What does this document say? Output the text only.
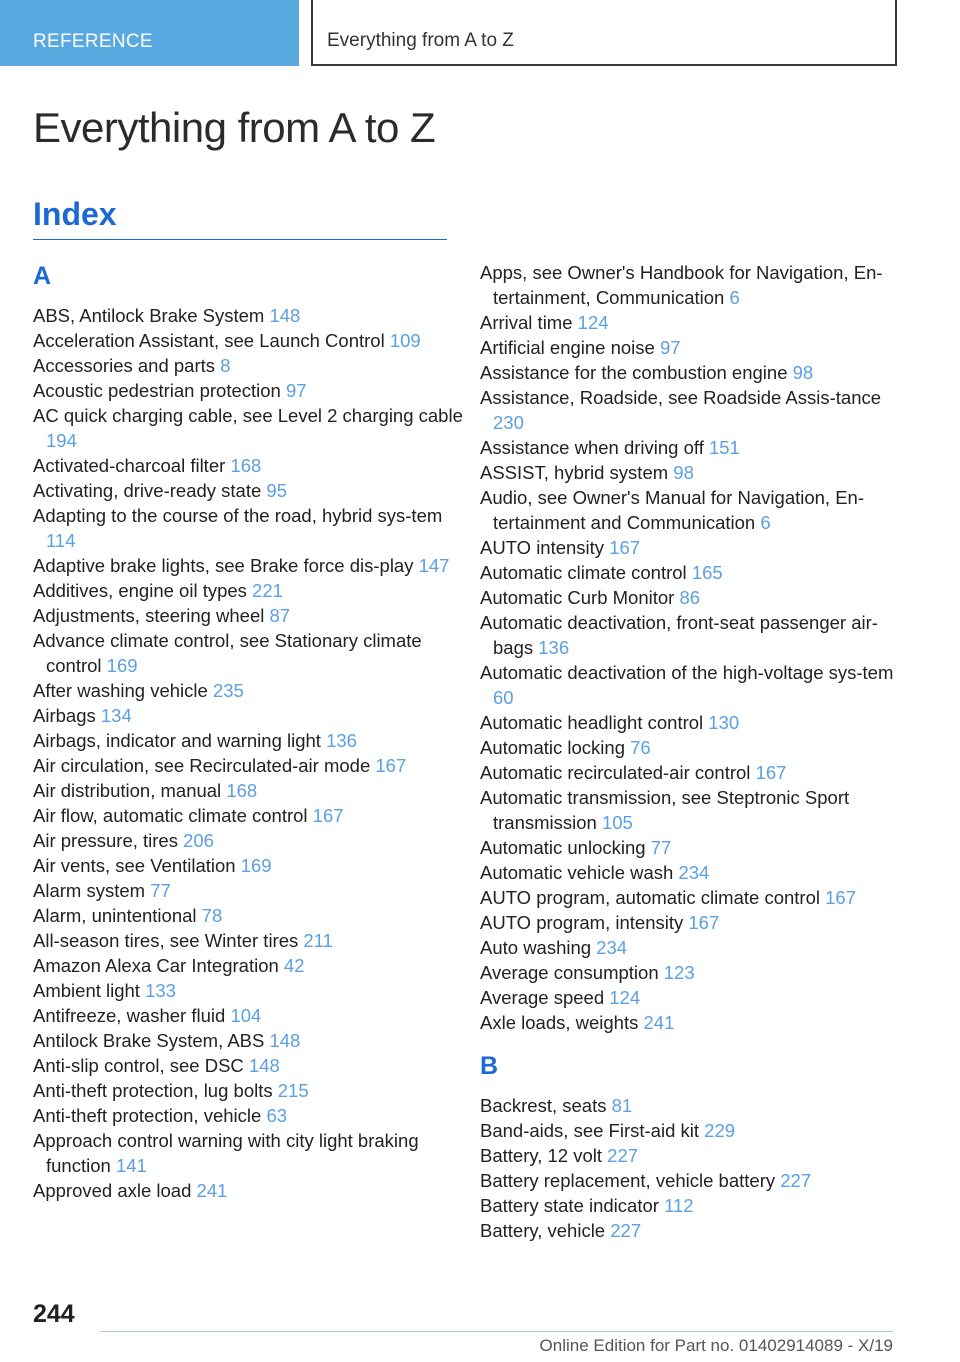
REFERENCE	Everything from A to Z
Everything from A to Z
Index
A
ABS, Antilock Brake System 148
Acceleration Assistant, see Launch Control 109
Accessories and parts 8
Acoustic pedestrian protection 97
AC quick charging cable, see Level 2 charging cable 194
Activated-charcoal filter 168
Activating, drive-ready state 95
Adapting to the course of the road, hybrid sys-tem 114
Adaptive brake lights, see Brake force dis-play 147
Additives, engine oil types 221
Adjustments, steering wheel 87
Advance climate control, see Stationary climate control 169
After washing vehicle 235
Airbags 134
Airbags, indicator and warning light 136
Air circulation, see Recirculated-air mode 167
Air distribution, manual 168
Air flow, automatic climate control 167
Air pressure, tires 206
Air vents, see Ventilation 169
Alarm system 77
Alarm, unintentional 78
All-season tires, see Winter tires 211
Amazon Alexa Car Integration 42
Ambient light 133
Antifreeze, washer fluid 104
Antilock Brake System, ABS 148
Anti-slip control, see DSC 148
Anti-theft protection, lug bolts 215
Anti-theft protection, vehicle 63
Approach control warning with city light braking function 141
Approved axle load 241
Apps, see Owner's Handbook for Navigation, En-tertainment, Communication 6
Arrival time 124
Artificial engine noise 97
Assistance for the combustion engine 98
Assistance, Roadside, see Roadside Assis-tance 230
Assistance when driving off 151
ASSIST, hybrid system 98
Audio, see Owner's Manual for Navigation, En-tertainment and Communication 6
AUTO intensity 167
Automatic climate control 165
Automatic Curb Monitor 86
Automatic deactivation, front-seat passenger air-bags 136
Automatic deactivation of the high-voltage sys-tem 60
Automatic headlight control 130
Automatic locking 76
Automatic recirculated-air control 167
Automatic transmission, see Steptronic Sport transmission 105
Automatic unlocking 77
Automatic vehicle wash 234
AUTO program, automatic climate control 167
AUTO program, intensity 167
Auto washing 234
Average consumption 123
Average speed 124
Axle loads, weights 241
B
Backrest, seats 81
Band-aids, see First-aid kit 229
Battery, 12 volt 227
Battery replacement, vehicle battery 227
Battery state indicator 112
Battery, vehicle 227
244
Online Edition for Part no. 01402914089 - X/19
